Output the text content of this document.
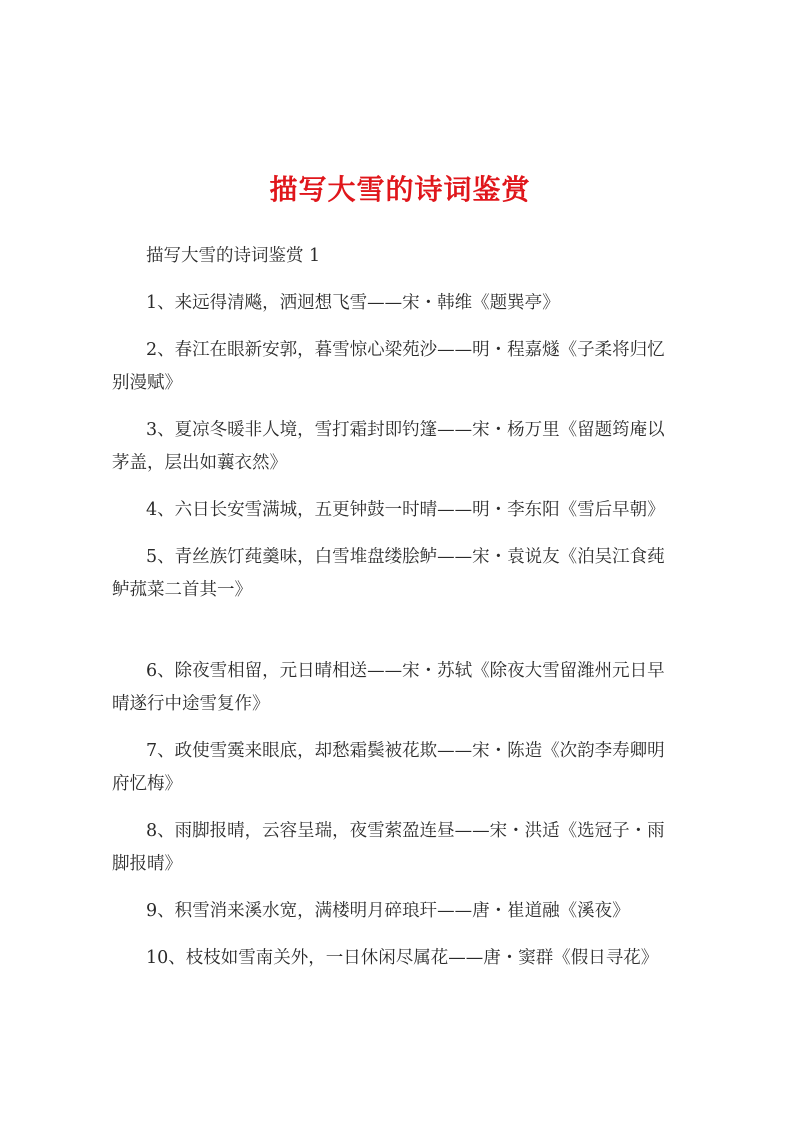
描写大雪的诗词鉴赏
描写大雪的诗词鉴赏 1
1、来远得清飚，洒迥想飞雪——宋・韩维《题巽亭》
2、春江在眼新安郭，暮雪惊心梁苑沙——明・程嘉燧《子柔将归忆
别漫赋》
3、夏凉冬暖非人境，雪打霜封即钓篷——宋・杨万里《留题筠庵以
茅盖，层出如蘘衣然》
4、六日长安雪满城，五更钟鼓一时晴——明・李东阳《雪后早朝》
5、青丝族饤莼羹味，白雪堆盘缕脍鲈——宋・袁说友《泊吴江食莼
鲈菰菜二首其一》
6、除夜雪相留，元日晴相送——宋・苏轼《除夜大雪留潍州元日早
晴遂行中途雪复作》
7、政使雪霙来眼底，却愁霜鬓被花欺——宋・陈造《次韵李寿卿明
府忆梅》
8、雨脚报晴，云容呈瑞，夜雪萦盈连昼——宋・洪适《选冠子・雨
脚报晴》
9、积雪消来溪水宽，满楼明月碎琅玕——唐・崔道融《溪夜》
10、枝枝如雪南关外，一日休闲尽属花——唐・窦群《假日寻花》
